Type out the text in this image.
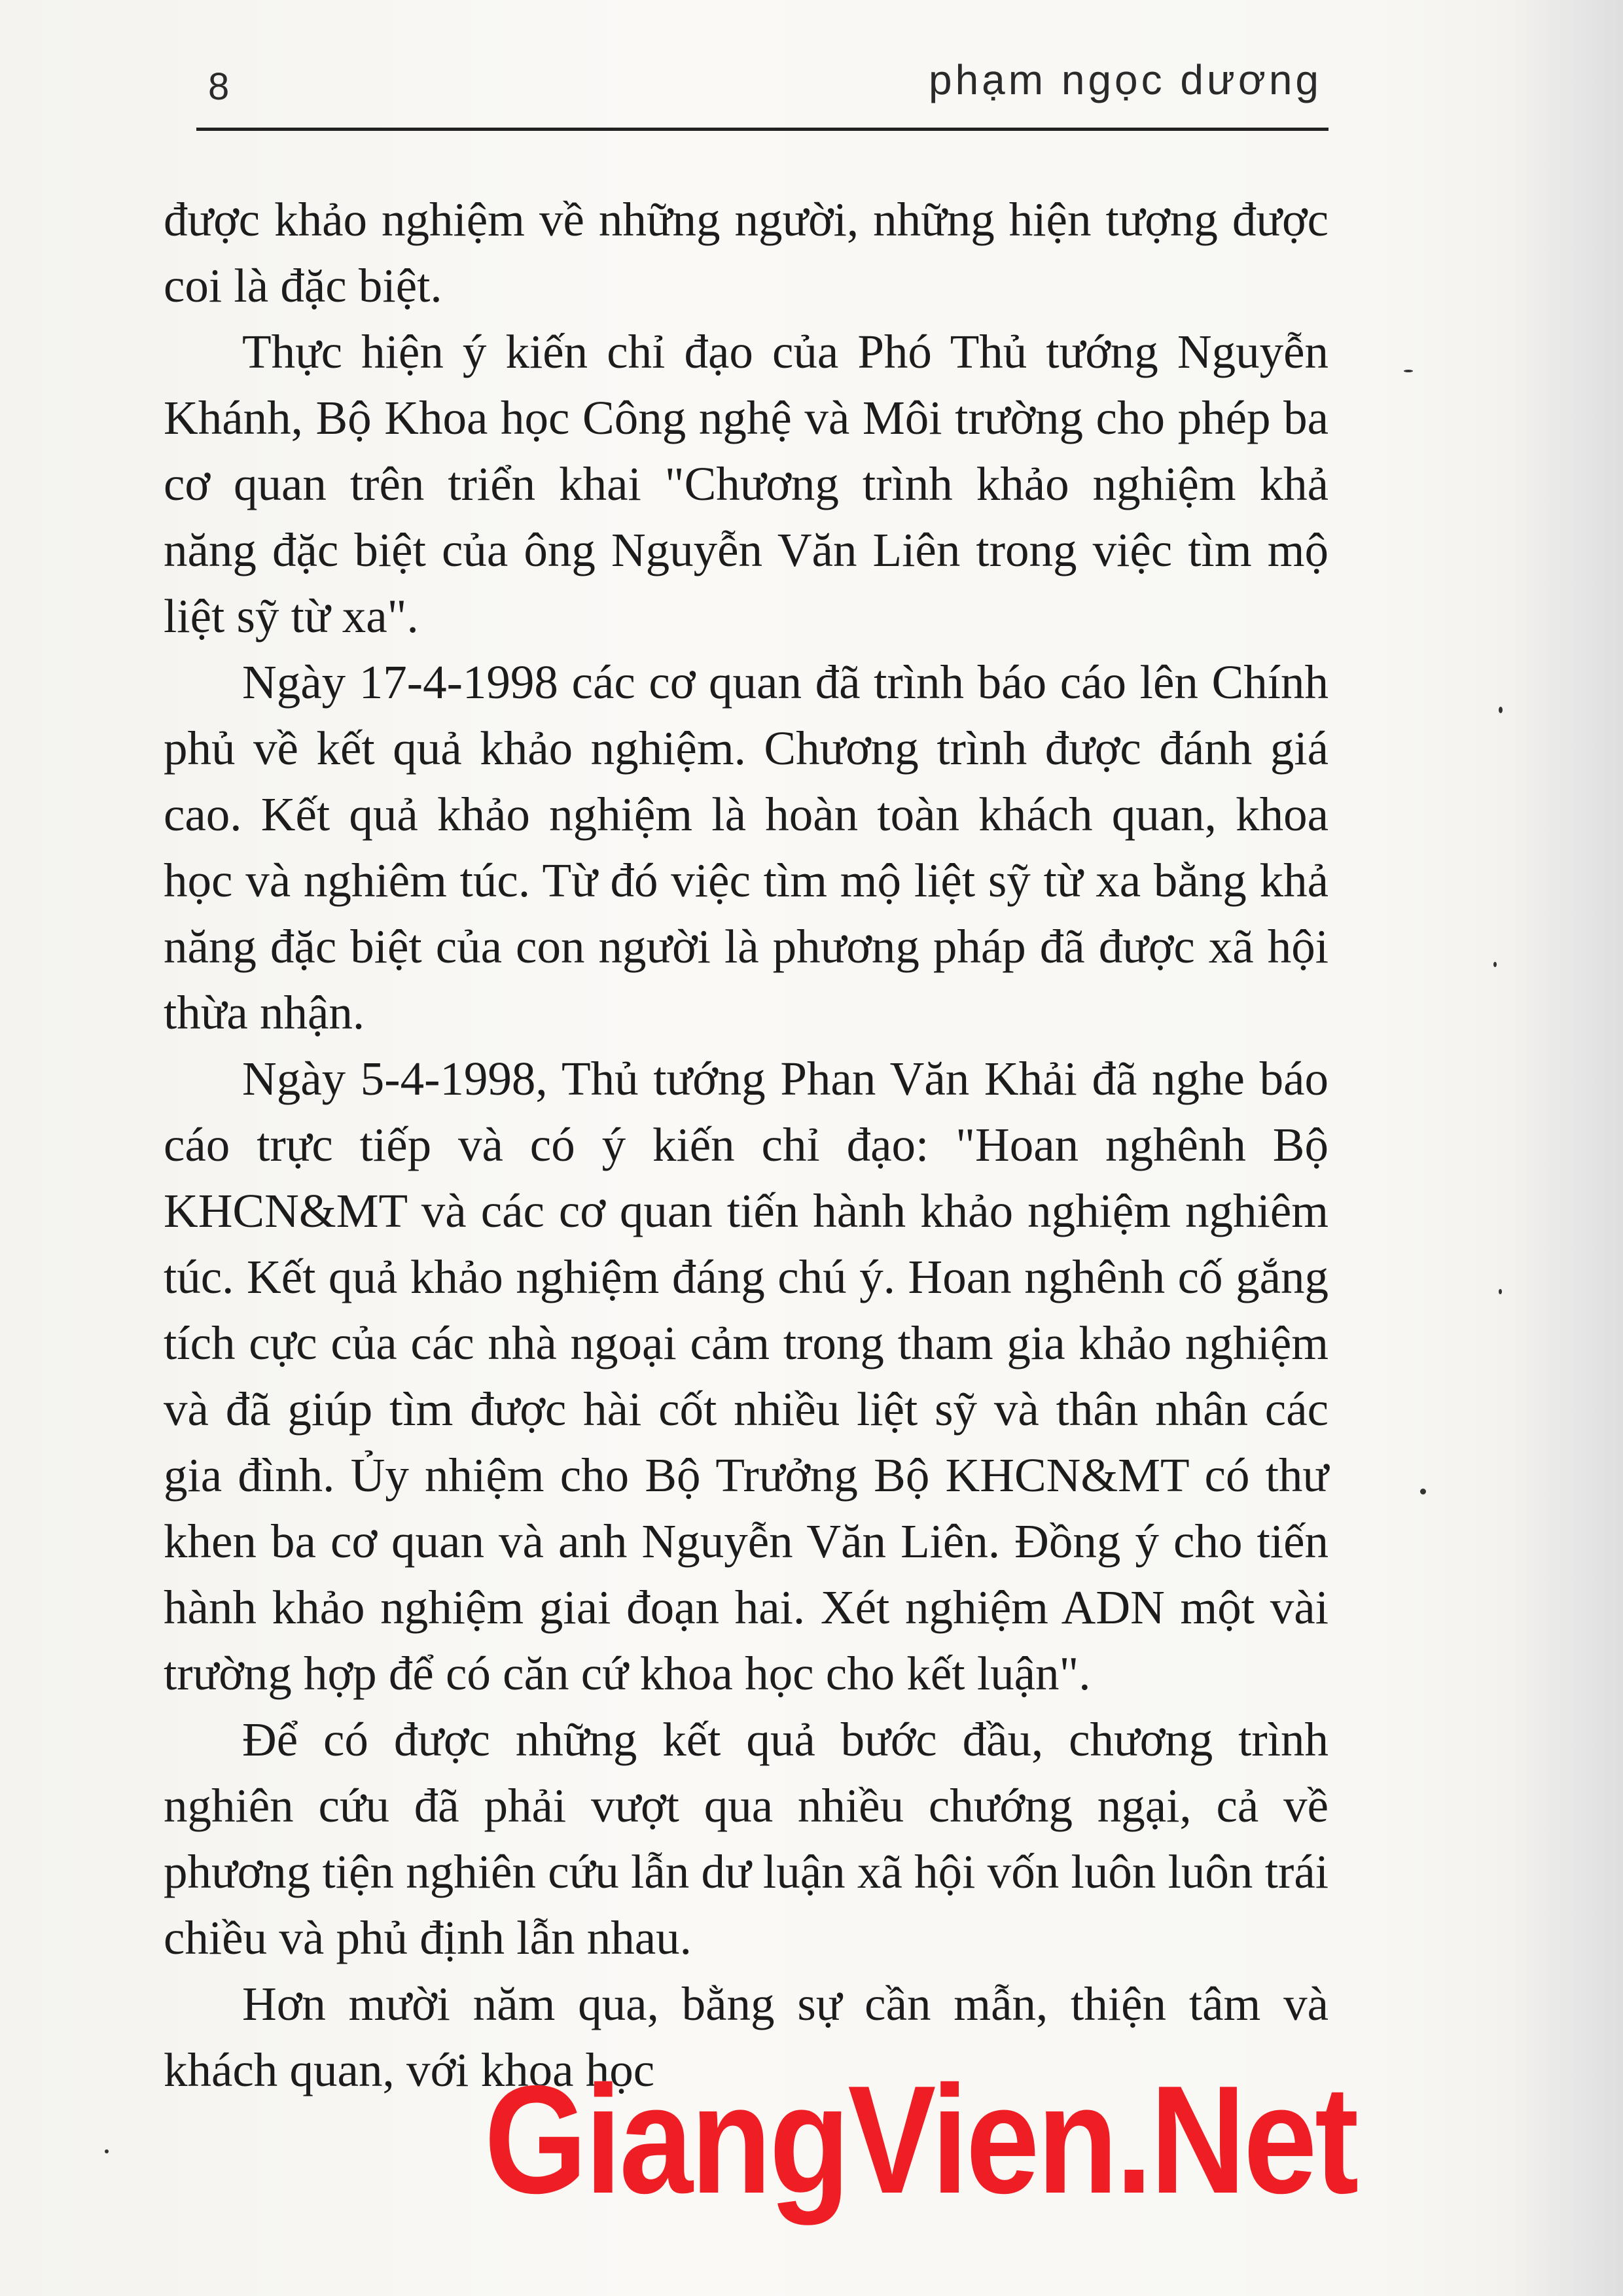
8	phạm ngọc dương

được khảo nghiệm về những người, những hiện tượng được coi là đặc biệt.

Thực hiện ý kiến chỉ đạo của Phó Thủ tướng Nguyễn Khánh, Bộ Khoa học Công nghệ và Môi trường cho phép ba cơ quan trên triển khai "Chương trình khảo nghiệm khả năng đặc biệt của ông Nguyễn Văn Liên trong việc tìm mộ liệt sỹ từ xa".

Ngày 17-4-1998 các cơ quan đã trình báo cáo lên Chính phủ về kết quả khảo nghiệm. Chương trình được đánh giá cao. Kết quả khảo nghiệm là hoàn toàn khách quan, khoa học và nghiêm túc. Từ đó việc tìm mộ liệt sỹ từ xa bằng khả năng đặc biệt của con người là phương pháp đã được xã hội thừa nhận.

Ngày 5-4-1998, Thủ tướng Phan Văn Khải đã nghe báo cáo trực tiếp và có ý kiến chỉ đạo: "Hoan nghênh Bộ KHCN&MT và các cơ quan tiến hành khảo nghiệm nghiêm túc. Kết quả khảo nghiệm đáng chú ý. Hoan nghênh cố gắng tích cực của các nhà ngoại cảm trong tham gia khảo nghiệm và đã giúp tìm được hài cốt nhiều liệt sỹ và thân nhân các gia đình. Ủy nhiệm cho Bộ Trưởng Bộ KHCN&MT có thư khen ba cơ quan và anh Nguyễn Văn Liên. Đồng ý cho tiến hành khảo nghiệm giai đoạn hai. Xét nghiệm ADN một vài trường hợp để có căn cứ khoa học cho kết luận".

Để có được những kết quả bước đầu, chương trình nghiên cứu đã phải vượt qua nhiều chướng ngại, cả về phương tiện nghiên cứu lẫn dư luận xã hội vốn luôn luôn trái chiều và phủ định lẫn nhau.

Hơn mười năm qua, bằng sự cần mẫn, thiện tâm và khách quan, với khoa học

GiangVien.Net
